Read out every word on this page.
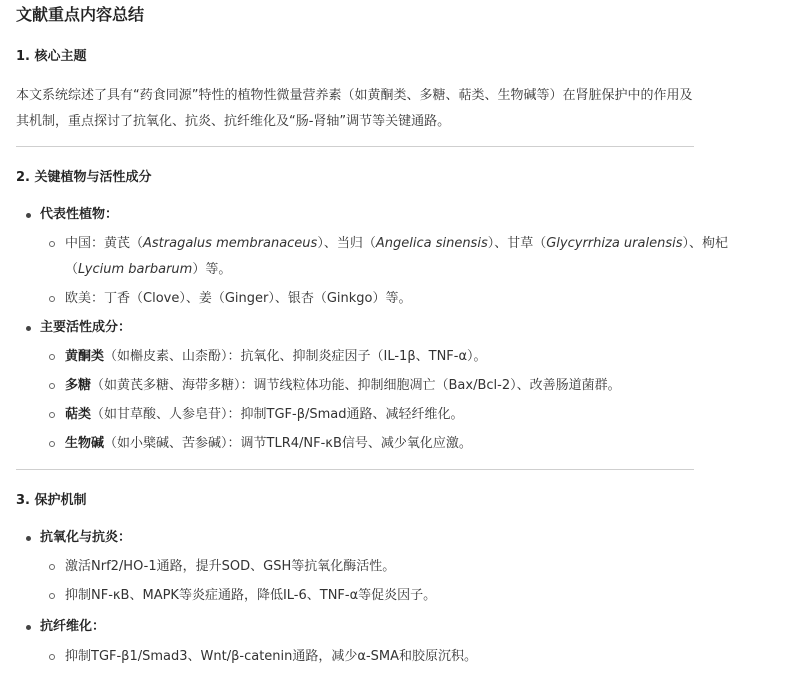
文献重点内容总结
1. 核心主题

本文系统综述了具有“药食同源”特性的植物性微量营养素（如黄酮类、多糖、萜类、生物碱等）在肾脏保护中的作用及其机制，重点探讨了抗氧化、抗炎、抗纤维化及“肠-肾轴”调节等关键通路。

2. 关键植物与活性成分
代表性植物：
中国：黄芪（Astragalus membranaceus）、当归（Angelica sinensis）、甘草（Glycyrrhiza uralensis）、枸杞（Lycium barbarum）等。
欧美：丁香（Clove）、姜（Ginger）、银杏（Ginkgo）等。
主要活性成分：
黄酮类（如槲皮素、山柰酚）：抗氧化、抑制炎症因子（IL-1β、TNF-α）。
多糖（如黄芪多糖、海带多糖）：调节线粒体功能、抑制细胞凋亡（Bax/Bcl-2）、改善肠道菌群。
萜类（如甘草酸、人参皂苷）：抑制TGF-β/Smad通路、减轻纤维化。
生物碱（如小檗碱、苦参碱）：调节TLR4/NF-κB信号、减少氧化应激。
3. 保护机制
抗氧化与抗炎：
激活Nrf2/HO-1通路，提升SOD、GSH等抗氧化酶活性。
抑制NF-κB、MAPK等炎症通路，降低IL-6、TNF-α等促炎因子。
抗纤维化：
抑制TGF-β1/Smad3、Wnt/β-catenin通路，减少α-SMA和胶原沉积。
